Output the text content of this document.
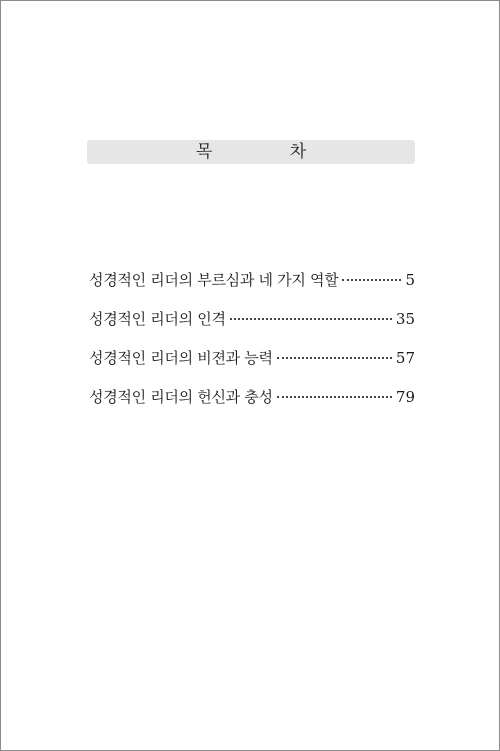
목 차
성경적인 리더의 부르심과 네 가지 역할	5
성경적인 리더의 인격	35
성경적인 리더의 비젼과 능력	57
성경적인 리더의 헌신과 충성	79
